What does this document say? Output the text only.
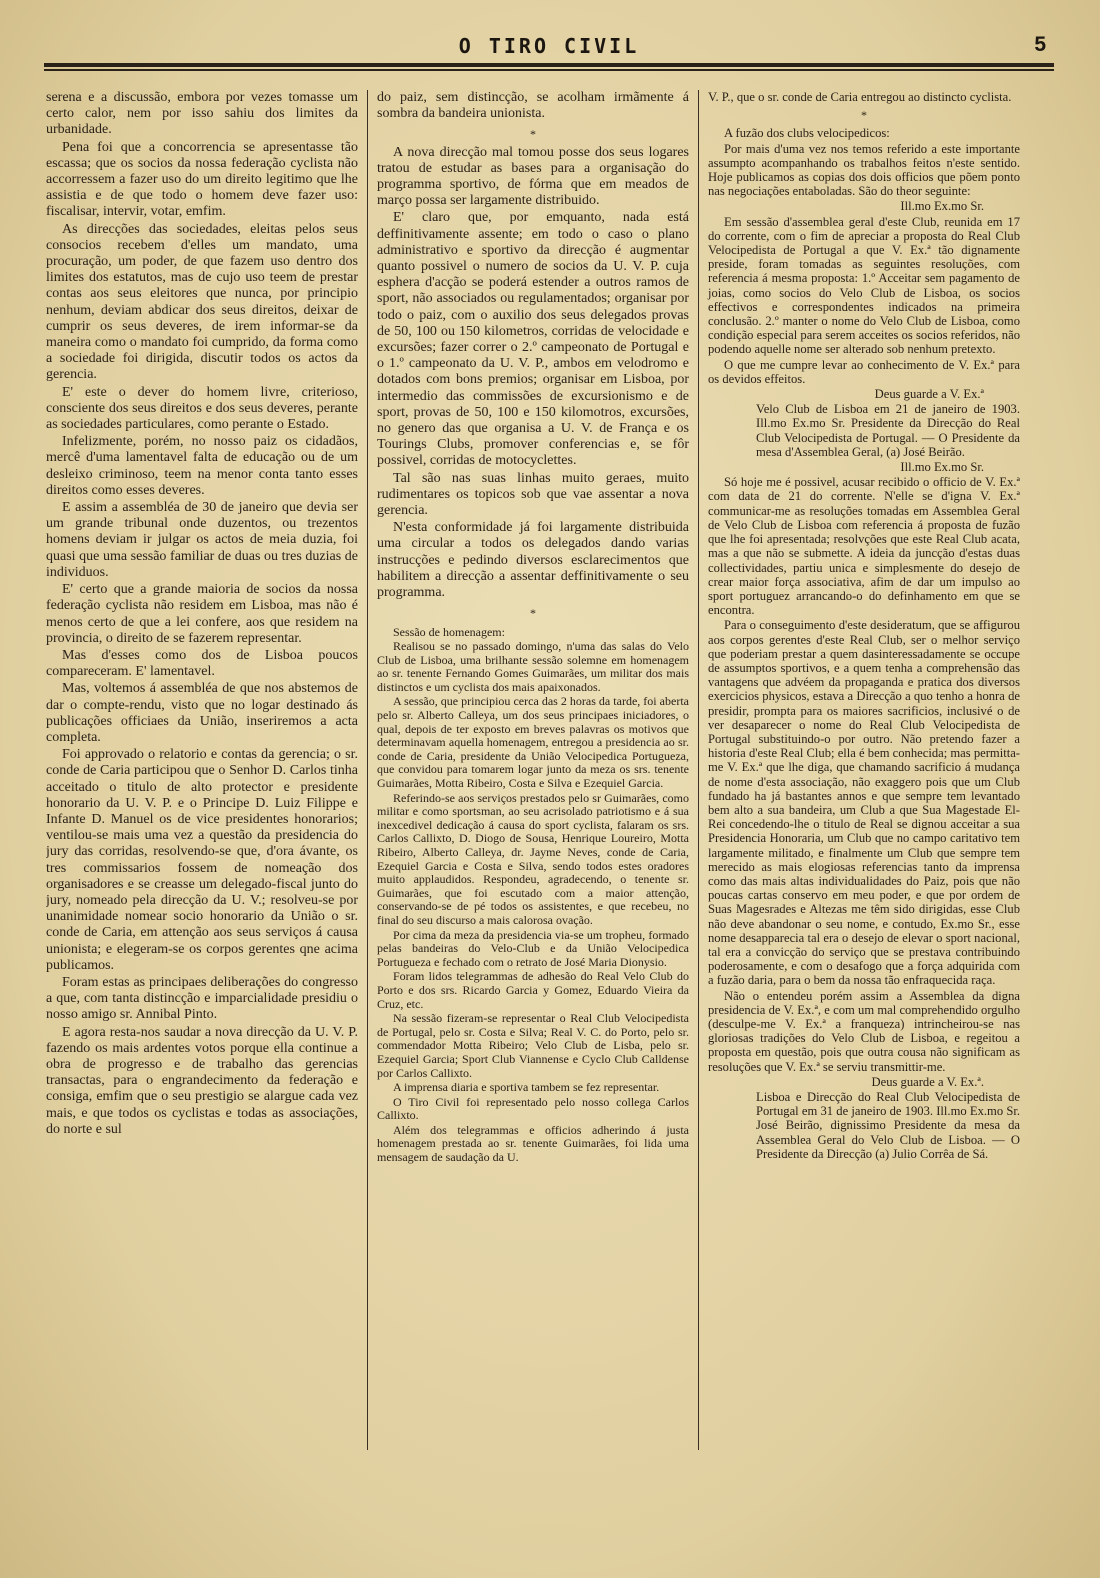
O TIRO CIVIL	5

serena e a discussão, embora por vezes tomasse um certo calor, nem por isso sahiu dos limites da urbanidade.

Pena foi que a concorrencia se apresentasse tão escassa; que os socios da nossa federação cyclista não accorressem a fazer uso do um direito legitimo que lhe assistia e de que todo o homem deve fazer uso: fiscalisar, intervir, votar, emfim.

As direcções das sociedades, eleitas pelos seus consocios recebem d'elles um mandato, uma procuração, um poder, de que fazem uso dentro dos limites dos estatutos, mas de cujo uso teem de prestar contas aos seus eleitores que nunca, por principio nenhum, deviam abdicar dos seus direitos, deixar de cumprir os seus deveres, de irem informar-se da maneira como o mandato foi cumprido, da forma como a sociedade foi dirigida, discutir todos os actos da gerencia.

E' este o dever do homem livre, criterioso, consciente dos seus direitos e dos seus deveres, perante as sociedades particulares, como perante o Estado.

Infelizmente, porém, no nosso paiz os cidadãos, mercê d'uma lamentavel falta de educação ou de um desleixo criminoso, teem na menor conta tanto esses direitos como esses deveres.

E assim a assembléa de 30 de janeiro que devia ser um grande tribunal onde duzentos, ou trezentos homens deviam ir julgar os actos de meia duzia, foi quasi que uma sessão familiar de duas ou tres duzias de individuos.

E' certo que a grande maioria de socios da nossa federação cyclista não residem em Lisboa, mas não é menos certo de que a lei confere, aos que residem na provincia, o direito de se fazerem representar.

Mas d'esses como dos de Lisboa poucos compareceram. E' lamentavel.

Mas, voltemos á assembléa de que nos abstemos de dar o compte-rendu, visto que no logar destinado ás publicações officiaes da União, inseriremos a acta completa.

Foi approvado o relatorio e contas da gerencia; o sr. conde de Caria participou que o Senhor D. Carlos tinha acceitado o titulo de alto protector e presidente honorario da U. V. P. e o Principe D. Luiz Filippe e Infante D. Manuel os de vice presidentes honorarios; ventilou-se mais uma vez a questão da presidencia do jury das corridas, resolvendo-se que, d'ora ávante, os tres commissarios fossem de nomeação dos organisadores e se creasse um delegado-fiscal junto do jury, nomeado pela direcção da U. V.; resolveu-se por unanimidade nomear socio honorario da União o sr. conde de Caria, em attenção aos seus serviços á causa unionista; e elegeram-se os corpos gerentes qne acima publicamos.

Foram estas as principaes deliberações do congresso a que, com tanta distincção e imparcialidade presidiu o nosso amigo sr. Annibal Pinto.

E agora resta-nos saudar a nova direcção da U. V. P. fazendo os mais ardentes votos porque ella continue a obra de progresso e de trabalho das gerencias transactas, para o engrandecimento da federação e consiga, emfim que o seu prestigio se alargue cada vez mais, e que todos os cyclistas e todas as associações, do norte e sul

do paiz, sem distincção, se acolham irmãmente á sombra da bandeira unionista.

*

A nova direcção mal tomou posse dos seus logares tratou de estudar as bases para a organisação do programma sportivo, de fórma que em meados de março possa ser largamente distribuido.

E' claro que, por emquanto, nada está deffinitivamente assente; em todo o caso o plano administrativo e sportivo da direcção é augmentar quanto possivel o numero de socios da U. V. P. cuja esphera d'acção se poderá estender a outros ramos de sport, não associados ou regulamentados; organisar por todo o paiz, com o auxilio dos seus delegados provas de 50, 100 ou 150 kilometros, corridas de velocidade e excursões; fazer correr o 2.º campeonato de Portugal e o 1.º campeonato da U. V. P., ambos em velodromo e dotados com bons premios; organisar em Lisboa, por intermedio das commissões de excursionismo e de sport, provas de 50, 100 e 150 kilomotros, excursões, no genero das que organisa a U. V. de França e os Tourings Clubs, promover conferencias e, se fôr possivel, corridas de motocyclettes.

Tal são nas suas linhas muito geraes, muito rudimentares os topicos sob que vae assentar a nova gerencia.

N'esta conformidade já foi largamente distribuida uma circular a todos os delegados dando varias instrucções e pedindo diversos esclarecimentos que habilitem a direcção a assentar deffinitivamente o seu programma.

*

Sessão de homenagem:

Realisou se no passado domingo, n'uma das salas do Velo Club de Lisboa, uma brilhante sessão solemne em homenagem ao sr. tenente Fernando Gomes Guimarães, um militar dos mais distinctos e um cyclista dos mais apaixonados.

A sessão, que principiou cerca das 2 horas da tarde, foi aberta pelo sr. Alberto Calleya, um dos seus principaes iniciadores, o qual, depois de ter exposto em breves palavras os motivos que determinavam aquella homenagem, entregou a presidencia ao sr. conde de Caria, presidente da União Velocipedica Portugueza, que convidou para tomarem logar junto da meza os srs. tenente Guimarães, Motta Ribeiro, Costa e Silva e Ezequiel Garcia.

Referindo-se aos serviços prestados pelo sr Guimarães, como militar e como sportsman, ao seu acrisolado patriotismo e á sua inexcedivel dedicação á causa do sport cyclista, falaram os srs. Carlos Callixto, D. Diogo de Sousa, Henrique Loureiro, Motta Ribeiro, Alberto Calleya, dr. Jayme Neves, conde de Caria, Ezequiel Garcia e Costa e Silva, sendo todos estes oradores muito applaudidos. Respondeu, agradecendo, o tenente sr. Guimarães, que foi escutado com a maior attenção, conservando-se de pé todos os assistentes, e que recebeu, no final do seu discurso a mais calorosa ovação.

Por cima da meza da presidencia via-se um tropheu, formado pelas bandeiras do Velo-Club e da União Velocipedica Portugueza e fechado com o retrato de José Maria Dionysio.

Foram lidos telegrammas de adhesão do Real Velo Club do Porto e dos srs. Ricardo Garcia y Gomez, Eduardo Vieira da Cruz, etc.

Na sessão fizeram-se representar o Real Club Velocipedista de Portugal, pelo sr. Costa e Silva; Real V. C. do Porto, pelo sr. commendador Motta Ribeiro; Velo Club de Lisba, pelo sr. Ezequiel Garcia; Sport Club Viannense e Cyclo Club Calldense por Carlos Callixto.

A imprensa diaria e sportiva tambem se fez representar.

O Tiro Civil foi representado pelo nosso collega Carlos Callixto.

Além dos telegrammas e officios adherindo á justa homenagem prestada ao sr. tenente Guimarães, foi lida uma mensagem de saudação da U.

V. P., que o sr. conde de Caria entregou ao distincto cyclista.

*

A fuzão dos clubs velocipedicos:

Por mais d'uma vez nos temos referido a este importante assumpto acompanhando os trabalhos feitos n'este sentido. Hoje publicamos as copias dos dois officios que põem ponto nas negociações entaboladas. São do theor seguinte:

Ill.mo Ex.mo Sr.

Em sessão d'assemblea geral d'este Club, reunida em 17 do corrente, com o fim de apreciar a proposta do Real Club Velocipedista de Portugal a que V. Ex.ª tão dignamente preside, foram tomadas as seguintes resoluções, com referencia á mesma proposta: 1.º Acceitar sem pagamento de joias, como socios do Velo Club de Lisboa, os socios effectivos e correspondentes indicados na primeira conclusão. 2.º manter o nome do Velo Club de Lisboa, como condição especial para serem acceites os socios referidos, não podendo aquelle nome ser alterado sob nenhum pretexto.

O que me cumpre levar ao conhecimento de V. Ex.ª para os devidos effeitos.

Deus guarde a V. Ex.ª

Velo Club de Lisboa em 21 de janeiro de 1903. Ill.mo Ex.mo Sr. Presidente da Direcção do Real Club Velocipedista de Portugal. — O Presidente da mesa d'Assemblea Geral, (a) José Beirão.

Ill.mo Ex.mo Sr.

Só hoje me é possivel, acusar recibido o officio de V. Ex.ª com data de 21 do corrente. N'elle se d'igna V. Ex.ª communicar-me as resoluções tomadas em Assemblea Geral de Velo Club de Lisboa com referencia á proposta de fuzão que lhe foi apresentada; resolvções que este Real Club acata, mas a que não se submette. A ideia da juncção d'estas duas collectividades, partiu unica e simplesmente do desejo de crear maior força associativa, afim de dar um impulso ao sport portuguez arrancando-o do definhamento em que se encontra.

Para o conseguimento d'este desideratum, que se affigurou aos corpos gerentes d'este Real Club, ser o melhor serviço que poderiam prestar a quem dasinteressadamente se occupe de assumptos sportivos, e a quem tenha a comprehensão das vantagens que advéem da propaganda e pratica dos diversos exercicios physicos, estava a Direcção a quo tenho a honra de presidir, prompta para os maiores sacrificios, inclusivé o de ver desaparecer o nome do Real Club Velocipedista de Portugal substituindo-o por outro. Não pretendo fazer a historia d'este Real Club; ella é bem conhecida; mas permitta-me V. Ex.ª que lhe diga, que chamando sacrificio á mudança de nome d'esta associação, não exaggero pois que um Club fundado ha já bastantes annos e que sempre tem levantado bem alto a sua bandeira, um Club a que Sua Magestade El-Rei concedendo-lhe o titulo de Real se dignou acceitar a sua Presidencia Honoraria, um Club que no campo caritativo tem largamente militado, e finalmente um Club que sempre tem merecido as mais elogiosas referencias tanto da imprensa como das mais altas individualidades do Paiz, pois que não poucas cartas conservo em meu poder, e que por ordem de Suas Magesrades e Altezas me têm sido dirigidas, esse Club não deve abandonar o seu nome, e contudo, Ex.mo Sr., esse nome desapparecia tal era o desejo de elevar o sport nacional, tal era a convicção do serviço que se prestava contribuindo poderosamente, e com o desafogo que a força adquirida com a fuzão daria, para o bem da nossa tão enfraquecida raça.

Não o entendeu porém assim a Assemblea da digna presidencia de V. Ex.ª, e com um mal comprehendido orgulho (desculpe-me V. Ex.ª a franqueza) intrincheirou-se nas gloriosas tradições do Velo Club de Lisboa, e regeitou a proposta em questão, pois que outra cousa não significam as resoluções que V. Ex.ª se serviu transmittir-me.

Deus guarde a V. Ex.ª.

Lisboa e Direcção do Real Club Velocipedista de Portugal em 31 de janeiro de 1903. Ill.mo Ex.mo Sr. José Beirão, dignissimo Presidente da mesa da Assemblea Geral do Velo Club de Lisboa. — O Presidente da Direcção (a) Julio Corrêa de Sá.
